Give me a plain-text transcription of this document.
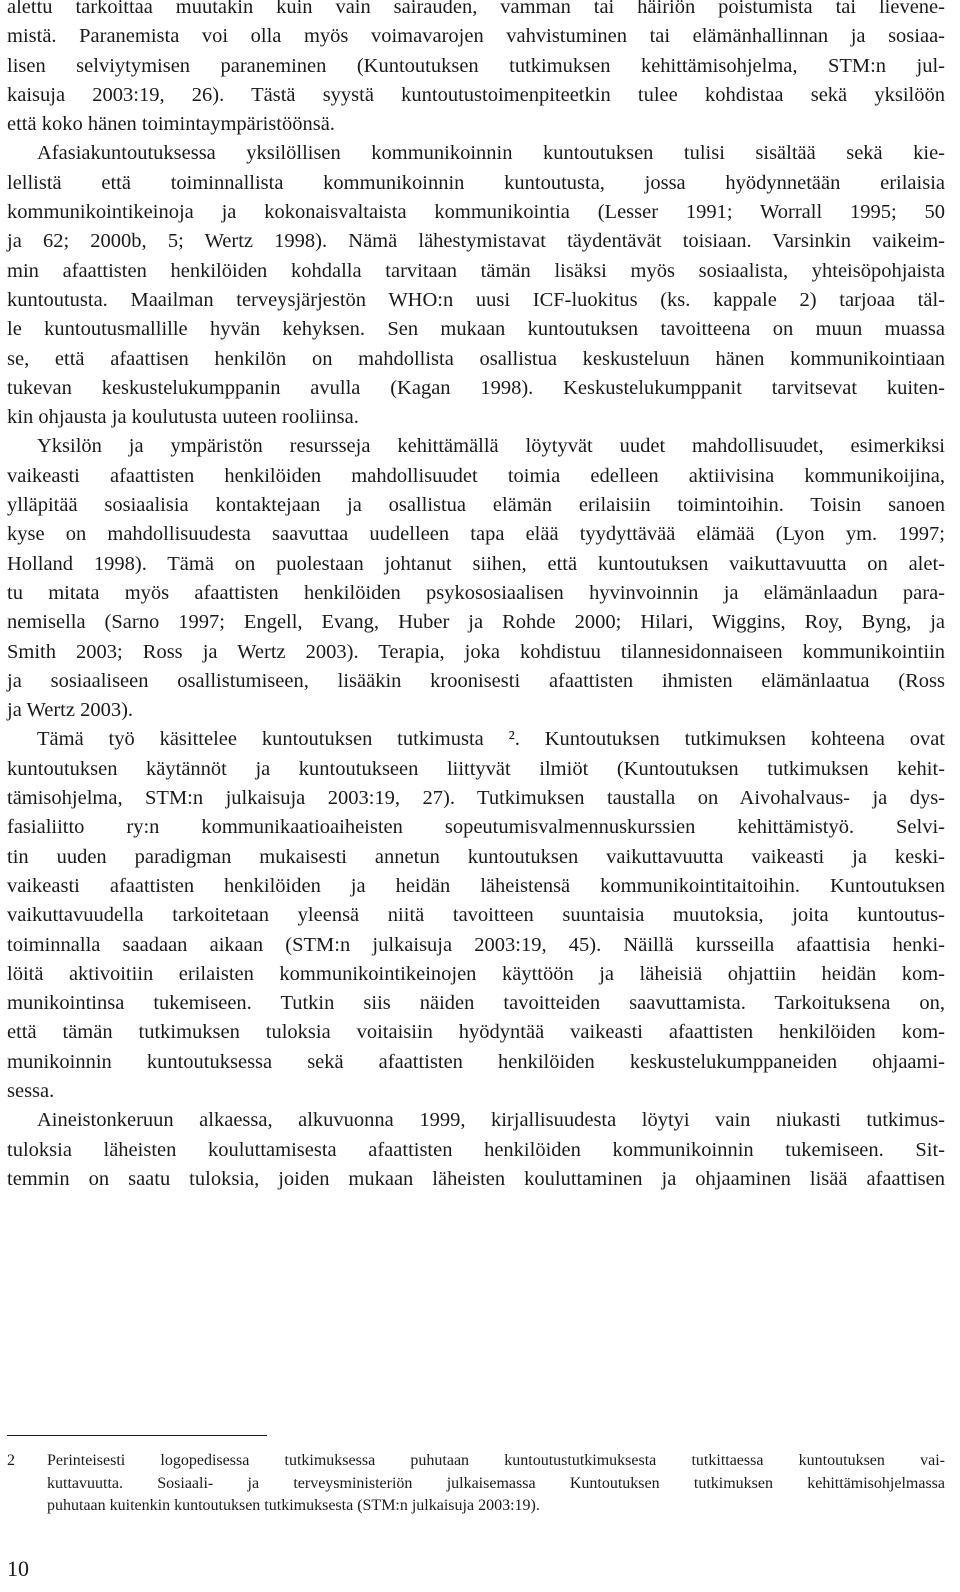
alettu tarkoittaa muutakin kuin vain sairauden, vamman tai häiriön poistumista tai lievene-
mistä. Paranemista voi olla myös voimavarojen vahvistuminen tai elämänhallinnan ja sosiaa-
lisen selviytymisen paraneminen (Kuntoutuksen tutkimuksen kehittämisohjelma, STM:n jul-
kaisuja 2003:19, 26). Tästä syystä kuntoutustoimenpiteetkin tulee kohdistaa sekä yksilöön
että koko hänen toimintaympäristöönsä.
Afasiakuntoutuksessa yksilöllisen kommunikoinnin kuntoutuksen tulisi sisältää sekä kie-
lellistä että toiminnallista kommunikoinnin kuntoutusta, jossa hyödynnetään erilaisia
kommunikointikeinoja ja kokonaisvaltaista kommunikointia (Lesser 1991; Worrall 1995; 50
ja 62; 2000b, 5; Wertz 1998). Nämä lähestymistavat täydentävät toisiaan. Varsinkin vaikeim-
min afaattisten henkilöiden kohdalla tarvitaan tämän lisäksi myös sosiaalista, yhteisöpohjaista
kuntoutusta. Maailman terveysjärjestön WHO:n uusi ICF-luokitus (ks. kappale 2) tarjoaa täl-
le kuntoutusmallille hyvän kehyksen. Sen mukaan kuntoutuksen tavoitteena on muun muassa
se, että afaattisen henkilön on mahdollista osallistua keskusteluun hänen kommunikointiaan
tukevan keskustelukumppanin avulla (Kagan 1998). Keskustelukumppanit tarvitsevat kuiten-
kin ohjausta ja koulutusta uuteen rooliinsa.
Yksilön ja ympäristön resursseja kehittämällä löytyvät uudet mahdollisuudet, esimerkiksi
vaikeasti afaattisten henkilöiden mahdollisuudet toimia edelleen aktiivisina kommunikoijina,
ylläpitää sosiaalisia kontaktejaan ja osallistua elämän erilaisiin toimintoihin. Toisin sanoen
kyse on mahdollisuudesta saavuttaa uudelleen tapa elää tyydyttävää elämää (Lyon ym. 1997;
Holland 1998). Tämä on puolestaan johtanut siihen, että kuntoutuksen vaikuttavuutta on alet-
tu mitata myös afaattisten henkilöiden psykososiaalisen hyvinvoinnin ja elämänlaadun para-
nemisella (Sarno 1997; Engell, Evang, Huber ja Rohde 2000; Hilari, Wiggins, Roy, Byng, ja
Smith 2003; Ross ja Wertz 2003). Terapia, joka kohdistuu tilannesidonnaiseen kommunikointiin
ja sosiaaliseen osallistumiseen, lisääkin kroonisesti afaattisten ihmisten elämänlaatua (Ross
ja Wertz 2003).
Tämä työ käsittelee kuntoutuksen tutkimusta ². Kuntoutuksen tutkimuksen kohteena ovat
kuntoutuksen käytännöt ja kuntoutukseen liittyvät ilmiöt (Kuntoutuksen tutkimuksen kehit-
tämisohjelma, STM:n julkaisuja 2003:19, 27). Tutkimuksen taustalla on Aivohalvaus- ja dys-
fasialiitto ry:n kommunikaatioaiheisten sopeutumisvalmennuskurssien kehittämistyö. Selvi-
tin uuden paradigman mukaisesti annetun kuntoutuksen vaikuttavuutta vaikeasti ja keski-
vaikeasti afaattisten henkilöiden ja heidän läheistensä kommunikointitaitoihin. Kuntoutuksen
vaikuttavuudella tarkoitetaan yleensä niitä tavoitteen suuntaisia muutoksia, joita kuntoutus-
toiminnalla saadaan aikaan (STM:n julkaisuja 2003:19, 45). Näillä kursseilla afaattisia henki-
löitä aktivoitiin erilaisten kommunikointikeinojen käyttöön ja läheisiä ohjattiin heidän kom-
munikointinsa tukemiseen. Tutkin siis näiden tavoitteiden saavuttamista. Tarkoituksena on,
että tämän tutkimuksen tuloksia voitaisiin hyödyntää vaikeasti afaattisten henkilöiden kom-
munikoinnin kuntoutuksessa sekä afaattisten henkilöiden keskustelukumppaneiden ohjaami-
sessa.
Aineistonkeruun alkaessa, alkuvuonna 1999, kirjallisuudesta löytyi vain niukasti tutkimus-
tuloksia läheisten kouluttamisesta afaattisten henkilöiden kommunikoinnin tukemiseen. Sit-
temmin on saatu tuloksia, joiden mukaan läheisten kouluttaminen ja ohjaaminen lisää afaattisen
2 Perinteisesti logopedisessa tutkimuksessa puhutaan kuntoutustutkimuksesta tutkittaessa kuntoutuksen vai-
kuttavuutta. Sosiaali- ja terveysministeriön julkaisemassa Kuntoutuksen tutkimuksen kehittämisohjelmassa
puhutaan kuitenkin kuntoutuksen tutkimuksesta (STM:n julkaisuja 2003:19).
10
